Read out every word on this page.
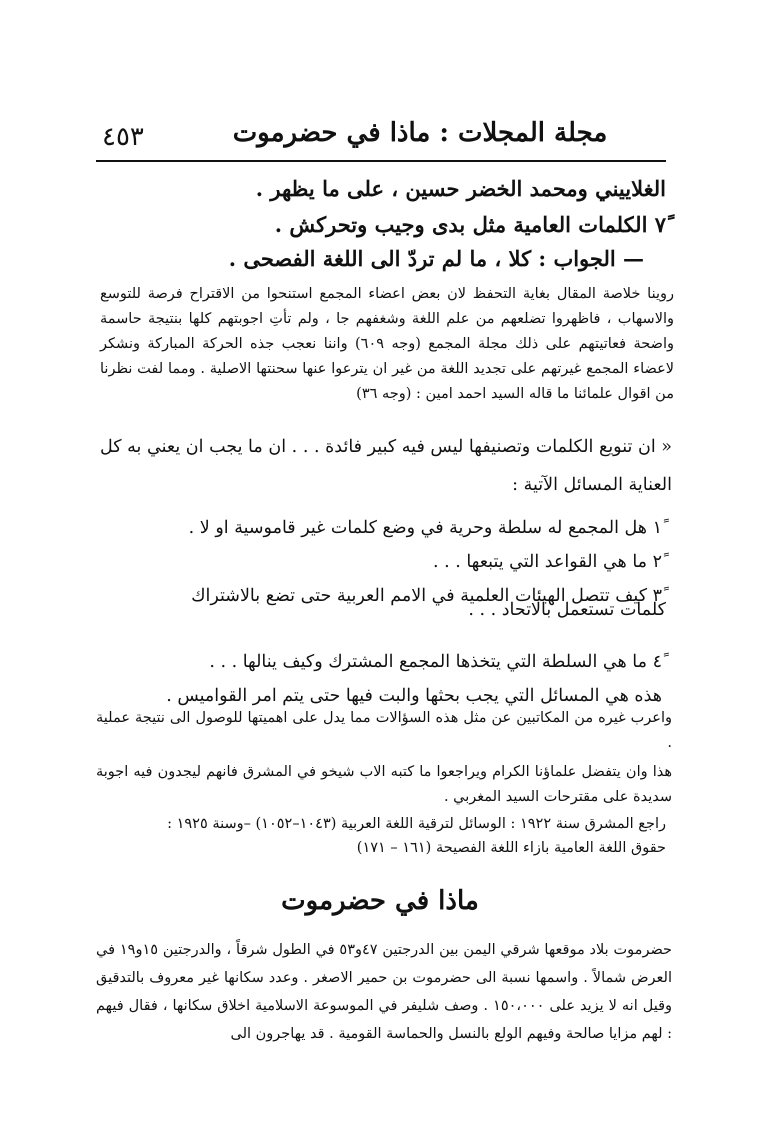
٤٥٣	مجلة المجلات : ماذا في حضرموت

الغلاييني ومحمد الخضر حسين ، على ما يظهر .

٧ً الكلمات العامية مثل بدى وجيب وتحركش .

— الجواب : كلا ، ما لم تردّ الى اللغة الفصحى .

روينا خلاصة المقال بغاية التحفظ لان بعض اعضاء المجمع استنحوا من الاقتراح فرصة للتوسع والاسهاب ، فاظهروا تضلعهم من علم اللغة وشغفهم جا ، ولم تأتِ اجوبتهم كلها بنتيجة حاسمة واضحة فعاتيتهم على ذلك مجلة المجمع (وجه ٦٠٩) واننا نعجب جذه الحركة المباركة ونشكر لاعضاء المجمع غيرتهم على تجديد اللغة من غير ان يترعوا عنها سحنتها الاصلية . ومما لفت نظرنا من اقوال علمائنا ما قاله السيد احمد امين : (وجه ٣٦)

« ان تنويع الكلمات وتصنيفها ليس فيه كبير فائدة . . . ان ما يجب ان يعني به كل العناية المسائل الآتية :

١ً هل المجمع له سلطة وحرية في وضع كلمات غير قاموسية او لا .

٢ً ما هي القواعد التي يتبعها . . .

٣ً كيف تتصل الهيئات العلمية في الامم العربية حتى تضع بالاشتراك

كلمات تستعمل بالاتحاد . . .

٤ً ما هي السلطة التي يتخذها المجمع المشترك وكيف ينالها . . .

هذه هي المسائل التي يجب بحثها والبت فيها حتى يتم امر القواميس .

واعرب غيره من المكاتبين عن مثل هذه السؤالات مما يدل على اهميتها للوصول الى نتيجة عملية .

هذا وان يتفضل علماؤنا الكرام ويراجعوا ما كتبه الاب شيخو في المشرق فانهم ليجدون فيه اجوبة سديدة على مقترحات السيد المغربي .

راجع المشرق سنة ١٩٢٢ : الوسائل لترقية اللغة العربية (١٠٤٣–١٠٥٢) –وسنة ١٩٢٥ :

حقوق اللغة العامية بازاء اللغة الفصيحة (١٦١ – ١٧١)

ماذا في حضرموت

حضرموت بلاد موقعها شرقي اليمن بين الدرجتين ٤٧و٥٣ في الطول شرقاً ، والدرجتين ١٥و١٩ في العرض شمالاً . واسمها نسبة الى حضرموت بن حمير الاصغر . وعدد سكانها غير معروف بالتدقيق وقيل انه لا يزيد على ١٥٠،٠٠٠ . وصف شليفر في الموسوعة الاسلامية اخلاق سكانها ، فقال فيهم : لهم مزايا صالحة وفيهم الولع بالنسل والحماسة القومية . قد يهاجرون الى
